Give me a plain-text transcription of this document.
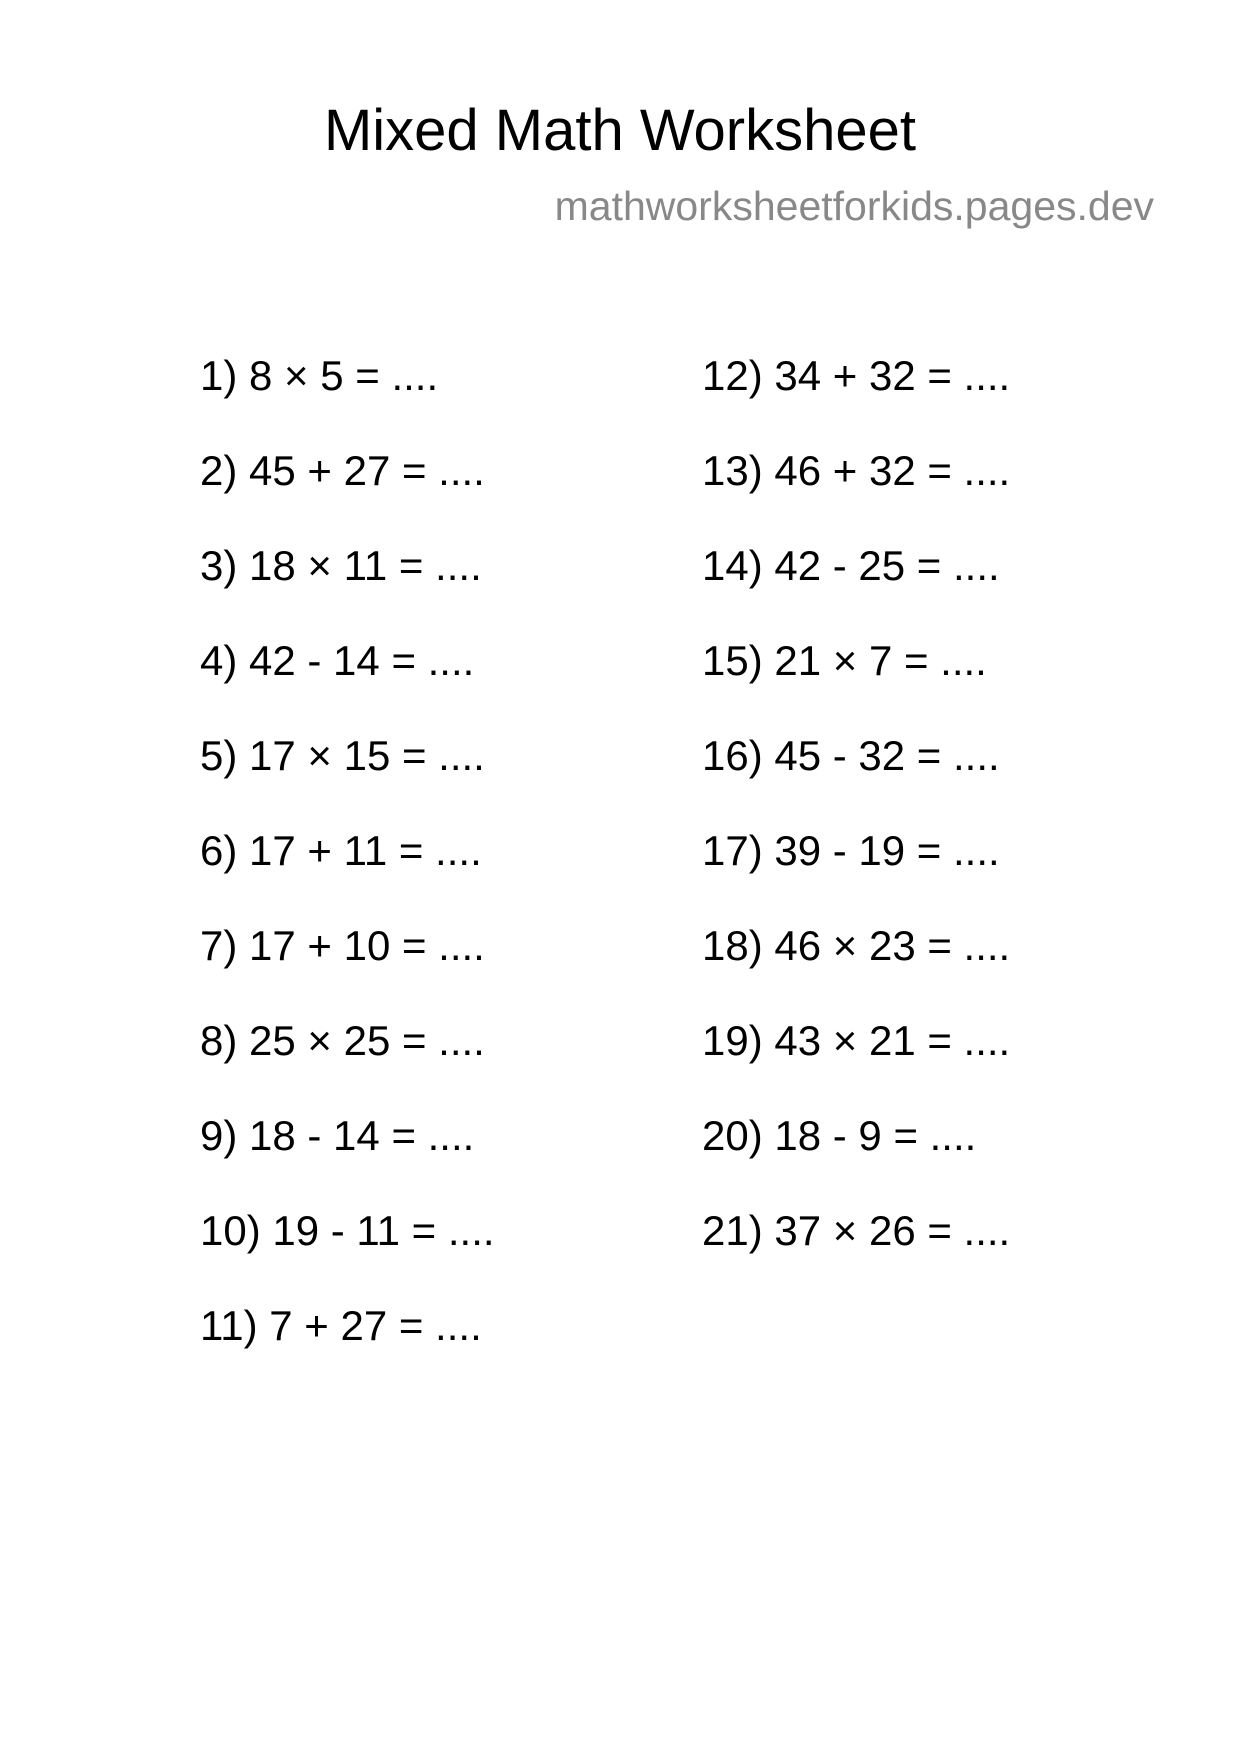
Mixed Math Worksheet
mathworksheetforkids.pages.dev
1) 8 × 5 = ....
2) 45 + 27 = ....
3) 18 × 11 = ....
4) 42 - 14 = ....
5) 17 × 15 = ....
6) 17 + 11 = ....
7) 17 + 10 = ....
8) 25 × 25 = ....
9) 18 - 14 = ....
10) 19 - 11 = ....
11) 7 + 27 = ....
12) 34 + 32 = ....
13) 46 + 32 = ....
14) 42 - 25 = ....
15) 21 × 7 = ....
16) 45 - 32 = ....
17) 39 - 19 = ....
18) 46 × 23 = ....
19) 43 × 21 = ....
20) 18 - 9 = ....
21) 37 × 26 = ....
